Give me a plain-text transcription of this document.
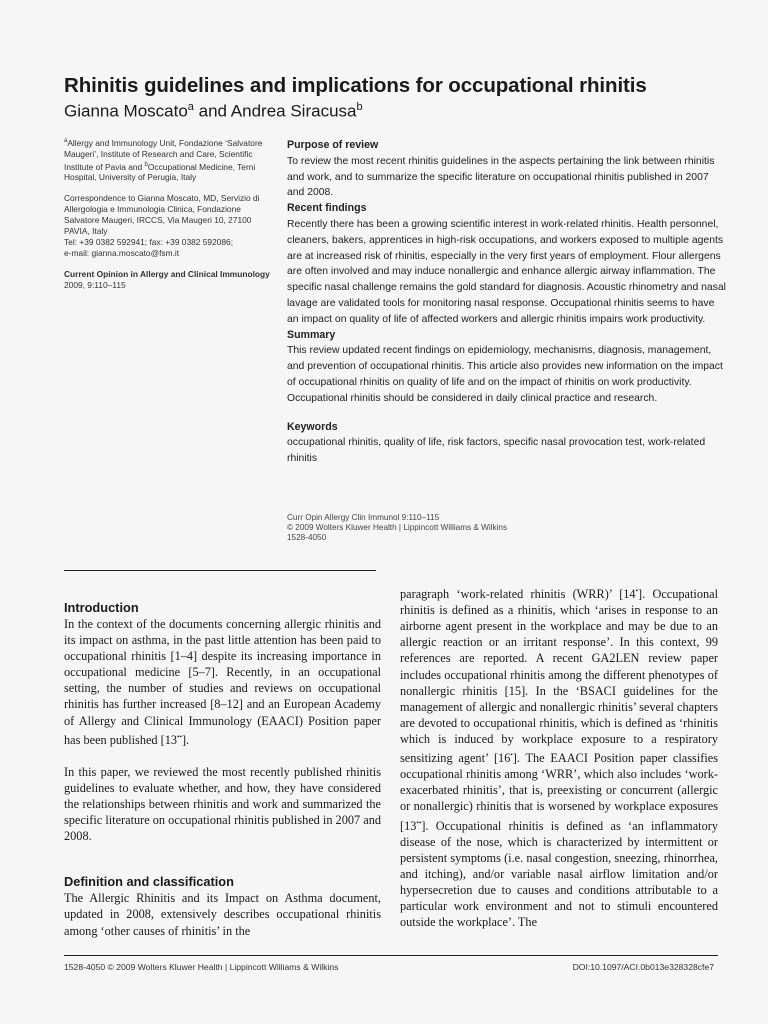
Rhinitis guidelines and implications for occupational rhinitis
Gianna Moscato$^a$ and Andrea Siracusa$^b$

$^a$Allergy and Immunology Unit, Fondazione ‘Salvatore Maugeri’, Institute of Research and Care, Scientific Institute of Pavia and $^b$Occupational Medicine, Terni Hospital, University of Perugia, Italy

Correspondence to Gianna Moscato, MD, Servizio di Allergologia e Immunologia Clinica, Fondazione Salvatore Maugeri, IRCCS, Via Maugeri 10, 27100 PAVIA, Italy
Tel: +39 0382 592941; fax: +39 0382 592086;
e-mail: gianna.moscato@fsm.it

Current Opinion in Allergy and Clinical Immunology 2009, 9:110–115

Purpose of review

To review the most recent rhinitis guidelines in the aspects pertaining the link between rhinitis and work, and to summarize the specific literature on occupational rhinitis published in 2007 and 2008.

Recent findings

Recently there has been a growing scientific interest in work-related rhinitis. Health personnel, cleaners, bakers, apprentices in high-risk occupations, and workers exposed to multiple agents are at increased risk of rhinitis, especially in the very first years of employment. Flour allergens are often involved and may induce nonallergic and enhance allergic airway inflammation. The specific nasal challenge remains the gold standard for diagnosis. Acoustic rhinometry and nasal lavage are validated tools for monitoring nasal response. Occupational rhinitis seems to have an impact on quality of life of affected workers and allergic rhinitis impairs work productivity.

Summary

This review updated recent findings on epidemiology, mechanisms, diagnosis, management, and prevention of occupational rhinitis. This article also provides new information on the impact of occupational rhinitis on quality of life and on the impact of rhinitis on work productivity. Occupational rhinitis should be considered in daily clinical practice and research.

Keywords

occupational rhinitis, quality of life, risk factors, specific nasal provocation test, work-related rhinitis

Curr Opin Allergy Clin Immunol 9:110–115
© 2009 Wolters Kluwer Health | Lippincott Williams & Wilkins
1528-4050
Introduction

In the context of the documents concerning allergic rhinitis and its impact on asthma, in the past little attention has been paid to occupational rhinitis [1–4] despite its increasing importance in occupational medicine [5–7]. Recently, in an occupational setting, the number of studies and reviews on occupational rhinitis has further increased [8–12] and an European Academy of Allergy and Clinical Immunology (EAACI) Position paper has been published [13••].

In this paper, we reviewed the most recently published rhinitis guidelines to evaluate whether, and how, they have considered the relationships between rhinitis and work and summarized the specific literature on occupational rhinitis published in 2007 and 2008.

Definition and classification

The Allergic Rhinitis and its Impact on Asthma document, updated in 2008, extensively describes occupational rhinitis among ‘other causes of rhinitis’ in the

paragraph ‘work-related rhinitis (WRR)’ [14•]. Occupational rhinitis is defined as a rhinitis, which ‘arises in response to an airborne agent present in the workplace and may be due to an allergic reaction or an irritant response’. In this context, 99 references are reported. A recent GA2LEN review paper includes occupational rhinitis among the different phenotypes of nonallergic rhinitis [15]. In the ‘BSACI guidelines for the management of allergic and nonallergic rhinitis’ several chapters are devoted to occupational rhinitis, which is defined as ‘rhinitis which is induced by workplace exposure to a respiratory sensitizing agent’ [16•]. The EAACI Position paper classifies occupational rhinitis among ‘WRR’, which also includes ‘work-exacerbated rhinitis’, that is, preexisting or concurrent (allergic or nonallergic) rhinitis that is worsened by workplace exposures [13••]. Occupational rhinitis is defined as ‘an inflammatory disease of the nose, which is characterized by intermittent or persistent symptoms (i.e. nasal congestion, sneezing, rhinorrhea, and itching), and/or variable nasal airflow limitation and/or hypersecretion due to causes and conditions attributable to a particular work environment and not to stimuli encountered outside the workplace’. The

1528-4050 © 2009 Wolters Kluwer Health | Lippincott Williams & Wilkins	DOI:10.1097/ACI.0b013e328328cfe7
